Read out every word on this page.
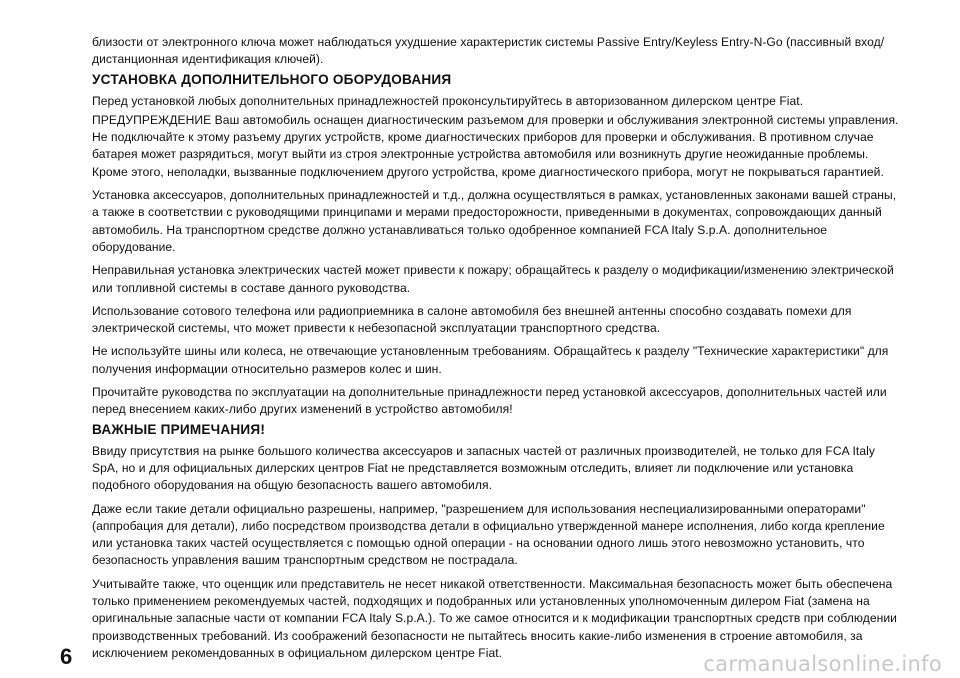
близости от электронного ключа может наблюдаться ухудшение характеристик системы Passive Entry/Keyless Entry-N-Go (пассивный вход/дистанционная идентификация ключей).

УСТАНОВКА ДОПОЛНИТЕЛЬНОГО ОБОРУДОВАНИЯ

Перед установкой любых дополнительных принадлежностей проконсультируйтесь в авторизованном дилерском центре Fiat.

ПРЕДУПРЕЖДЕНИЕ Ваш автомобиль оснащен диагностическим разъемом для проверки и обслуживания электронной системы управления. Не подключайте к этому разъему других устройств, кроме диагностических приборов для проверки и обслуживания. В противном случае батарея может разрядиться, могут выйти из строя электронные устройства автомобиля или возникнуть другие неожиданные проблемы. Кроме этого, неполадки, вызванные подключением другого устройства, кроме диагностического прибора, могут не покрываться гарантией.

Установка аксессуаров, дополнительных принадлежностей и т.д., должна осуществляться в рамках, установленных законами вашей страны, а также в соответствии с руководящими принципами и мерами предосторожности, приведенными в документах, сопровождающих данный автомобиль. На транспортном средстве должно устанавливаться только одобренное компанией FCA Italy S.p.A. дополнительное оборудование.

Неправильная установка электрических частей может привести к пожару; обращайтесь к разделу о модификации/изменению электрической или топливной системы в составе данного руководства.

Использование сотового телефона или радиоприемника в салоне автомобиля без внешней антенны способно создавать помехи для электрической системы, что может привести к небезопасной эксплуатации транспортного средства.

Не используйте шины или колеса, не отвечающие установленным требованиям. Обращайтесь к разделу "Технические характеристики" для получения информации относительно размеров колес и шин.

Прочитайте руководства по эксплуатации на дополнительные принадлежности перед установкой аксессуаров, дополнительных частей или перед внесением каких-либо других изменений в устройство автомобиля!

ВАЖНЫЕ ПРИМЕЧАНИЯ!

Ввиду присутствия на рынке большого количества аксессуаров и запасных частей от различных производителей, не только для FCA Italy SpA, но и для официальных дилерских центров Fiat не представляется возможным отследить, влияет ли подключение или установка подобного оборудования на общую безопасность вашего автомобиля.

Даже если такие детали официально разрешены, например, "разрешением для использования неспециализированными операторами" (аппробация для детали), либо посредством производства детали в официально утвержденной манере исполнения, либо когда крепление или установка таких частей осуществляется с помощью одной операции - на основании одного лишь этого невозможно установить, что безопасность управления вашим транспортным средством не пострадала.

Учитывайте также, что оценщик или представитель не несет никакой ответственности. Максимальная безопасность может быть обеспечена только применением рекомендуемых частей, подходящих и подобранных или установленных уполномоченным дилером Fiat (замена на оригинальные запасные части от компании FCA Italy S.p.A.). То же самое относится и к модификации транспортных средств при соблюдении производственных требований. Из соображений безопасности не пытайтесь вносить какие-либо изменения в строение автомобиля, за исключением рекомендованных в официальном дилерском центре Fiat.

6	carmanualsonline.info
